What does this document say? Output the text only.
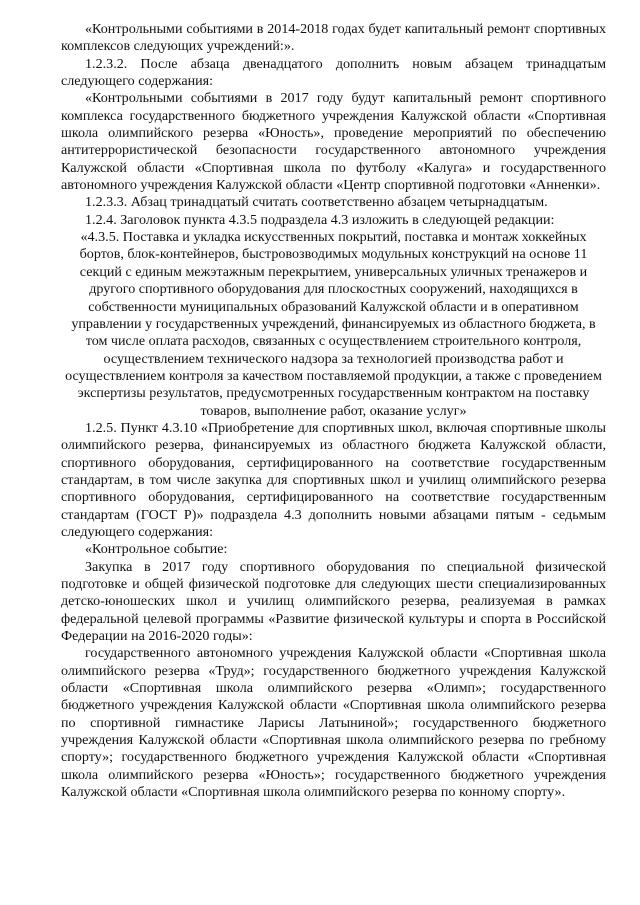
«Контрольными событиями в 2014-2018 годах будет капитальный ремонт спортивных комплексов следующих учреждений:».

1.2.3.2. После абзаца двенадцатого дополнить новым абзацем тринадцатым следующего содержания:

«Контрольными событиями в 2017 году будут капитальный ремонт спортивного комплекса государственного бюджетного учреждения Калужской области «Спортивная школа олимпийского резерва «Юность», проведение мероприятий по обеспечению антитеррористической безопасности государственного автономного учреждения Калужской области «Спортивная школа по футболу «Калуга» и государственного автономного учреждения Калужской области «Центр спортивной подготовки «Анненки».

1.2.3.3. Абзац тринадцатый считать соответственно абзацем четырнадцатым.

1.2.4. Заголовок пункта 4.3.5 подраздела 4.3 изложить в следующей редакции:

«4.3.5. Поставка и укладка искусственных покрытий, поставка и монтаж хоккейных бортов, блок-контейнеров, быстровозводимых модульных конструкций на основе 11 секций с единым межэтажным перекрытием, универсальных уличных тренажеров и другого спортивного оборудования для плоскостных сооружений, находящихся в собственности муниципальных образований Калужской области и в оперативном управлении у государственных учреждений, финансируемых из областного бюджета, в том числе оплата расходов, связанных с осуществлением строительного контроля, осуществлением технического надзора за технологией производства работ и осуществлением контроля за качеством поставляемой продукции, а также с проведением экспертизы результатов, предусмотренных государственным контрактом на поставку товаров, выполнение работ, оказание услуг»

1.2.5. Пункт 4.3.10 «Приобретение для спортивных школ, включая спортивные школы олимпийского резерва, финансируемых из областного бюджета Калужской области, спортивного оборудования, сертифицированного на соответствие государственным стандартам, в том числе закупка для спортивных школ и училищ олимпийского резерва спортивного оборудования, сертифицированного на соответствие государственным стандартам (ГОСТ Р)» подраздела 4.3 дополнить новыми абзацами пятым - седьмым следующего содержания:

«Контрольное событие:

Закупка в 2017 году спортивного оборудования по специальной физической подготовке и общей физической подготовке для следующих шести специализированных детско-юношеских школ и училищ олимпийского резерва, реализуемая в рамках федеральной целевой программы «Развитие физической культуры и спорта в Российской Федерации на 2016-2020 годы»:

государственного автономного учреждения Калужской области «Спортивная школа олимпийского резерва «Труд»; государственного бюджетного учреждения Калужской области «Спортивная школа олимпийского резерва «Олимп»; государственного бюджетного учреждения Калужской области «Спортивная школа олимпийского резерва по спортивной гимнастике Ларисы Латыниной»; государственного бюджетного учреждения Калужской области «Спортивная школа олимпийского резерва по гребному спорту»; государственного бюджетного учреждения Калужской области «Спортивная школа олимпийского резерва «Юность»; государственного бюджетного учреждения Калужской области «Спортивная школа олимпийского резерва по конному спорту».
